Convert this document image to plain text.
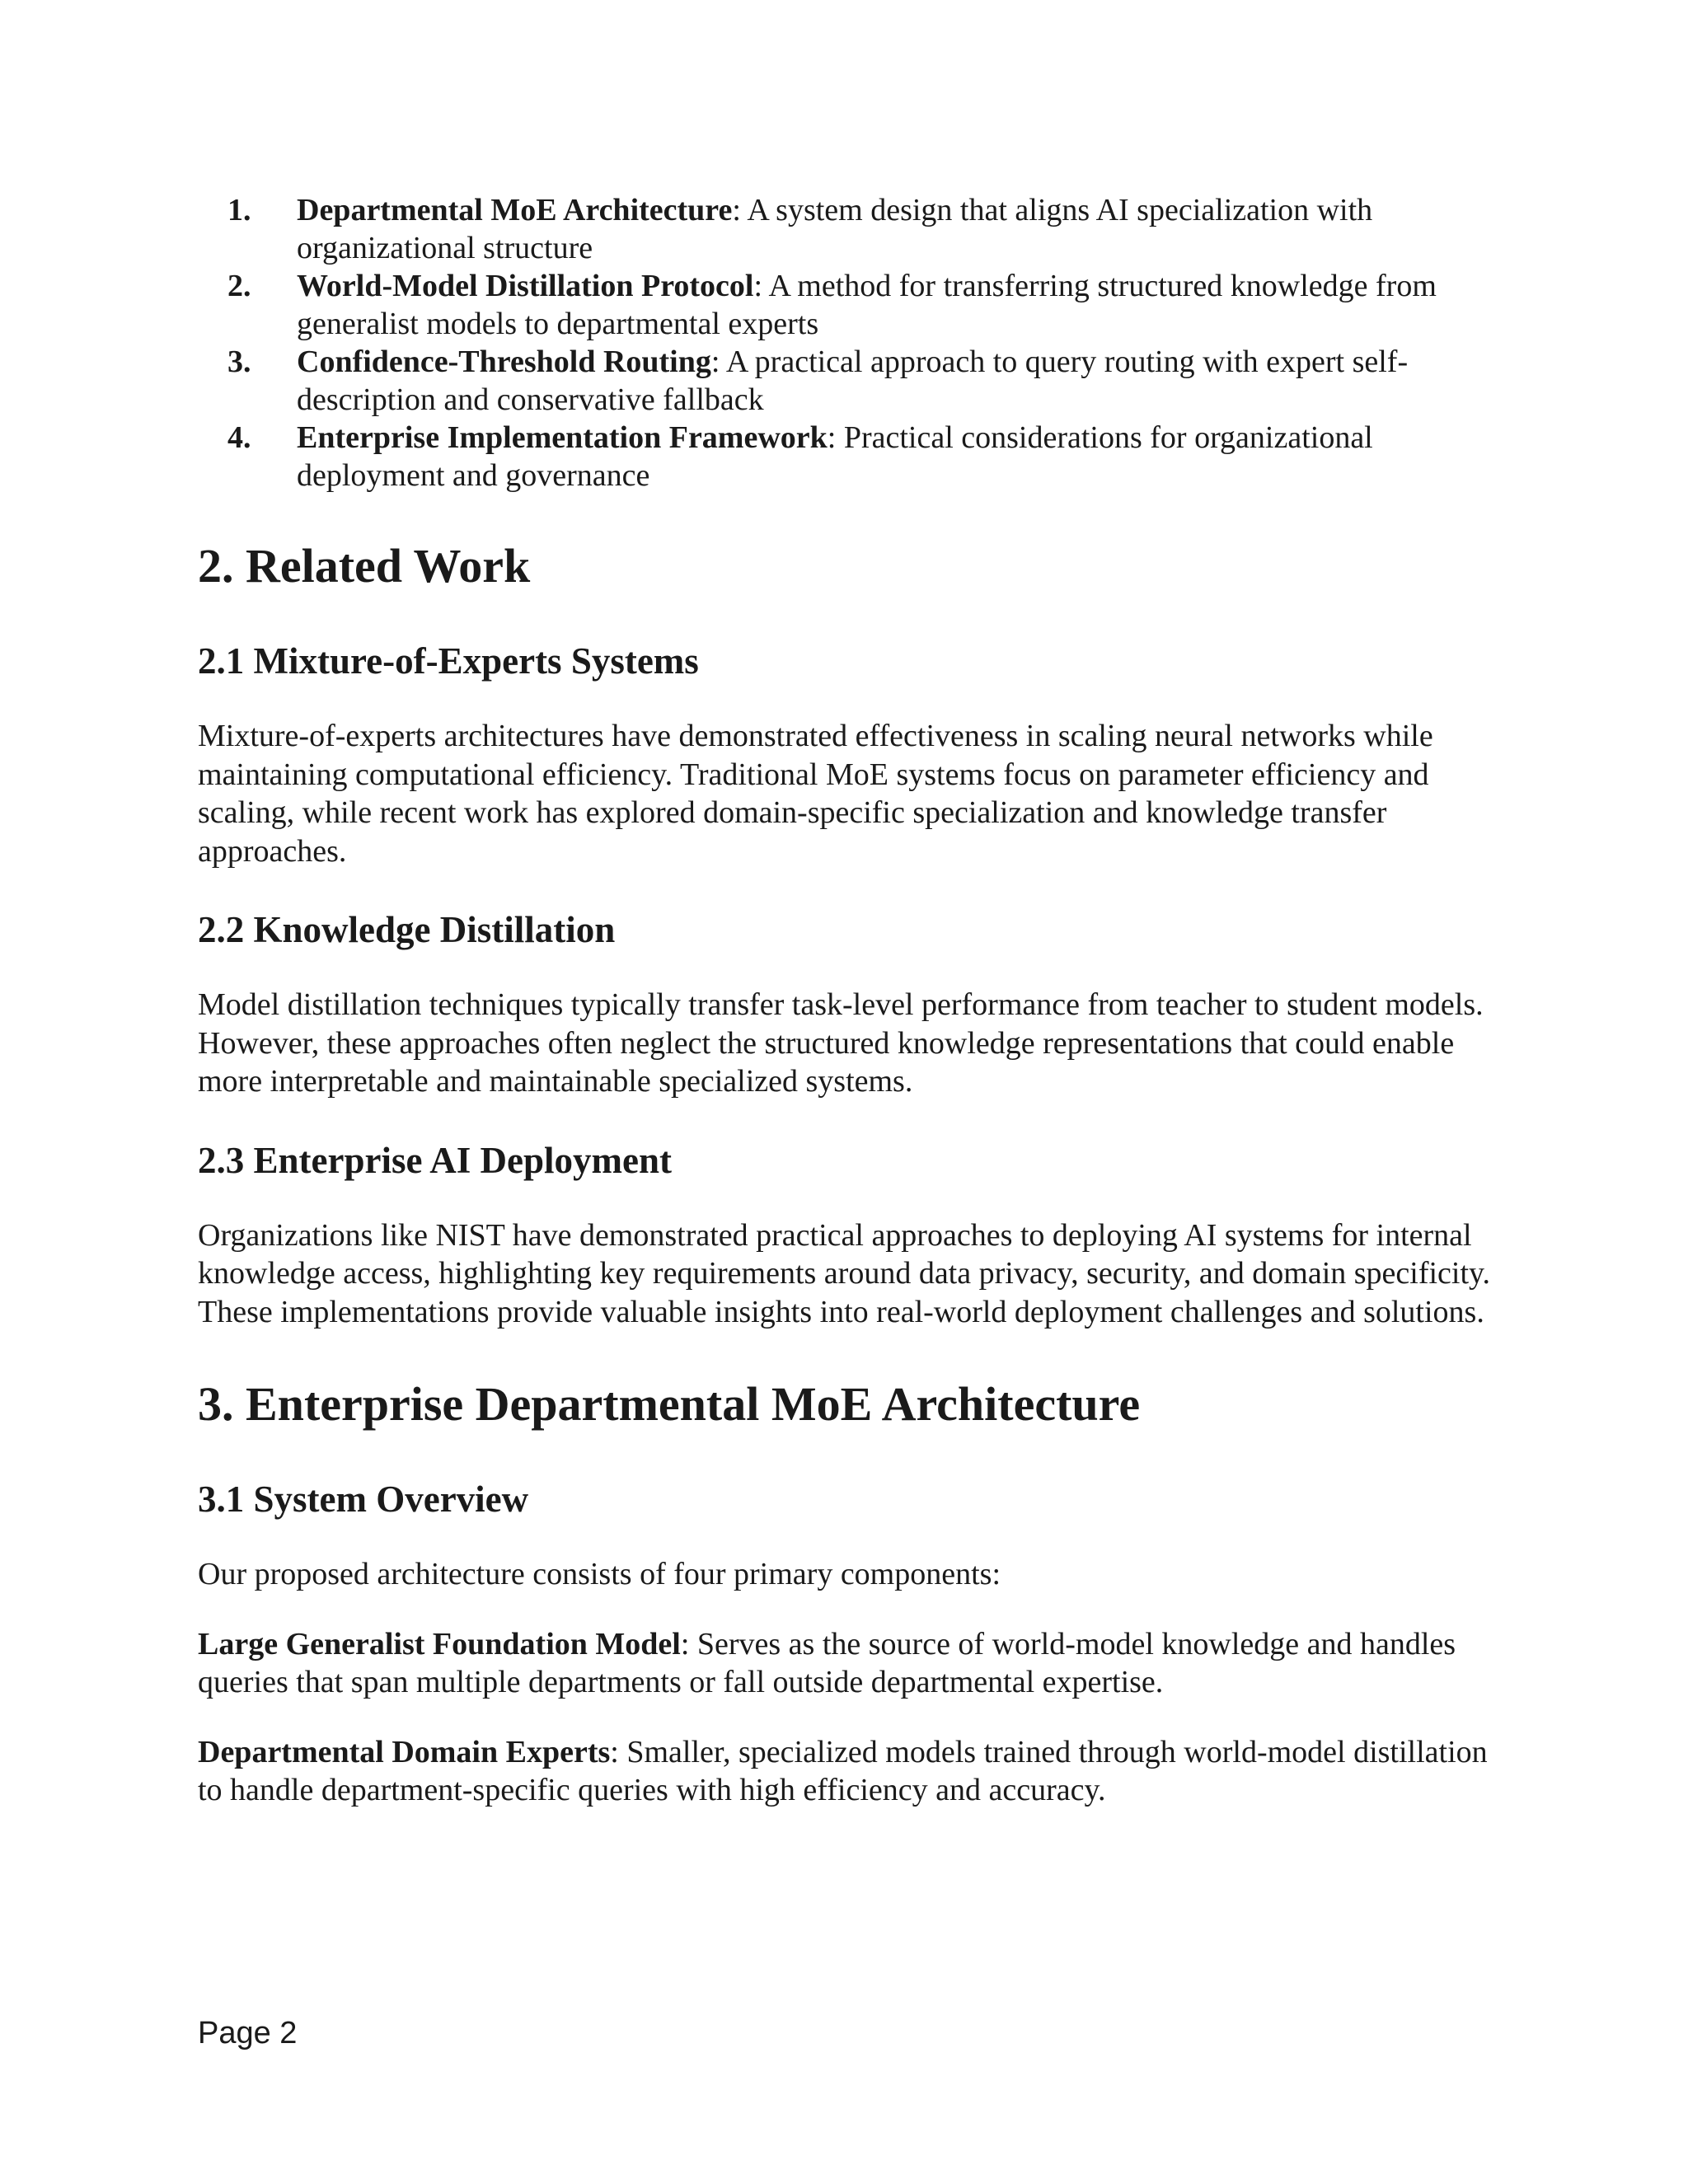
1. Departmental MoE Architecture: A system design that aligns AI specialization with organizational structure
2. World-Model Distillation Protocol: A method for transferring structured knowledge from generalist models to departmental experts
3. Confidence-Threshold Routing: A practical approach to query routing with expert self-description and conservative fallback
4. Enterprise Implementation Framework: Practical considerations for organizational deployment and governance
2. Related Work
2.1 Mixture-of-Experts Systems

Mixture-of-experts architectures have demonstrated effectiveness in scaling neural networks while maintaining computational efficiency. Traditional MoE systems focus on parameter efficiency and scaling, while recent work has explored domain-specific specialization and knowledge transfer approaches.

2.2 Knowledge Distillation

Model distillation techniques typically transfer task-level performance from teacher to student models. However, these approaches often neglect the structured knowledge representations that could enable more interpretable and maintainable specialized systems.

2.3 Enterprise AI Deployment

Organizations like NIST have demonstrated practical approaches to deploying AI systems for internal knowledge access, highlighting key requirements around data privacy, security, and domain specificity. These implementations provide valuable insights into real-world deployment challenges and solutions.

3. Enterprise Departmental MoE Architecture
3.1 System Overview

Our proposed architecture consists of four primary components:

Large Generalist Foundation Model: Serves as the source of world-model knowledge and handles queries that span multiple departments or fall outside departmental expertise.

Departmental Domain Experts: Smaller, specialized models trained through world-model distillation to handle department-specific queries with high efficiency and accuracy.

Page 2
